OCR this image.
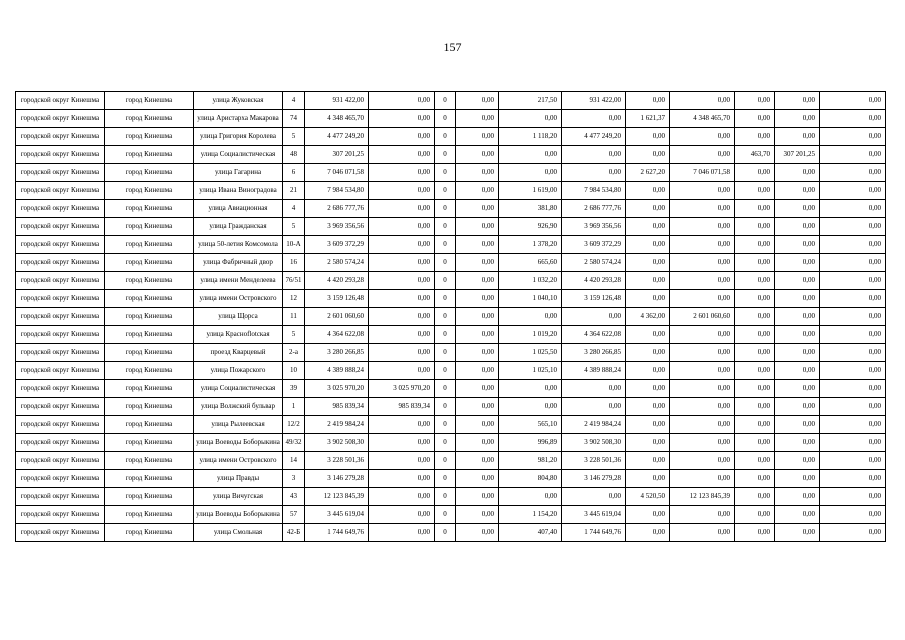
157
городской округ Кинешма	город Кинешма	улица Жуковская	4	931 422,00	0,00	0	0,00	217,50	931 422,00	0,00	0,00	0,00	0,00	0,00
городской округ Кинешма	город Кинешма	улица Аристарха Макарова	74	4 348 465,70	0,00	0	0,00	0,00	0,00	1 621,37	4 348 465,70	0,00	0,00	0,00
городской округ Кинешма	город Кинешма	улица Григория Королева	5	4 477 249,20	0,00	0	0,00	1 118,20	4 477 249,20	0,00	0,00	0,00	0,00	0,00
городской округ Кинешма	город Кинешма	улица Социалистическая	48	307 201,25	0,00	0	0,00	0,00	0,00	0,00	0,00	463,70	307 201,25	0,00
городской округ Кинешма	город Кинешма	улица Гагарина	6	7 046 071,58	0,00	0	0,00	0,00	0,00	2 627,20	7 046 071,58	0,00	0,00	0,00
городской округ Кинешма	город Кинешма	улица Ивана Виноградова	21	7 984 534,80	0,00	0	0,00	1 619,00	7 984 534,80	0,00	0,00	0,00	0,00	0,00
городской округ Кинешма	город Кинешма	улица Авиационная	4	2 686 777,76	0,00	0	0,00	381,80	2 686 777,76	0,00	0,00	0,00	0,00	0,00
городской округ Кинешма	город Кинешма	улица Гражданская	5	3 969 356,56	0,00	0	0,00	926,90	3 969 356,56	0,00	0,00	0,00	0,00	0,00
городской округ Кинешма	город Кинешма	улица 50-летия Комсомола	10-А	3 609 372,29	0,00	0	0,00	1 378,20	3 609 372,29	0,00	0,00	0,00	0,00	0,00
городской округ Кинешма	город Кинешма	улица Фабричный двор	16	2 580 574,24	0,00	0	0,00	665,60	2 580 574,24	0,00	0,00	0,00	0,00	0,00
городской округ Кинешма	город Кинешма	улица имени Менделеева	76/51	4 420 293,28	0,00	0	0,00	1 032,20	4 420 293,28	0,00	0,00	0,00	0,00	0,00
городской округ Кинешма	город Кинешма	улица имени Островского	12	3 159 126,48	0,00	0	0,00	1 040,10	3 159 126,48	0,00	0,00	0,00	0,00	0,00
городской округ Кинешма	город Кинешма	улица Щорса	11	2 601 060,60	0,00	0	0,00	0,00	0,00	4 362,00	2 601 060,60	0,00	0,00	0,00
городской округ Кинешма	город Кинешма	улица Красноflotская	5	4 364 622,08	0,00	0	0,00	1 019,20	4 364 622,08	0,00	0,00	0,00	0,00	0,00
городской округ Кинешма	город Кинешма	проезд Кварцевый	2-а	3 280 266,85	0,00	0	0,00	1 025,50	3 280 266,85	0,00	0,00	0,00	0,00	0,00
городской округ Кинешма	город Кинешма	улица Пожарского	10	4 389 888,24	0,00	0	0,00	1 025,10	4 389 888,24	0,00	0,00	0,00	0,00	0,00
городской округ Кинешма	город Кинешма	улица Социалистическая	39	3 025 970,20	3 025 970,20	0	0,00	0,00	0,00	0,00	0,00	0,00	0,00	0,00
городской округ Кинешма	город Кинешма	улица Волжский бульвар	1	985 839,34	985 839,34	0	0,00	0,00	0,00	0,00	0,00	0,00	0,00	0,00
городской округ Кинешма	город Кинешма	улица Рылеевская	12/2	2 419 984,24	0,00	0	0,00	565,10	2 419 984,24	0,00	0,00	0,00	0,00	0,00
городской округ Кинешма	город Кинешма	улица Воеводы Боборыкина	49/32	3 902 508,30	0,00	0	0,00	996,89	3 902 508,30	0,00	0,00	0,00	0,00	0,00
городской округ Кинешма	город Кинешма	улица имени Островского	14	3 228 501,36	0,00	0	0,00	981,20	3 228 501,36	0,00	0,00	0,00	0,00	0,00
городской округ Кинешма	город Кинешма	улица Правды	3	3 146 279,28	0,00	0	0,00	804,80	3 146 279,28	0,00	0,00	0,00	0,00	0,00
городской округ Кинешма	город Кинешма	улица Вичугская	43	12 123 845,39	0,00	0	0,00	0,00	0,00	4 520,50	12 123 845,39	0,00	0,00	0,00
городской округ Кинешма	город Кинешма	улица Воеводы Боборыкина	57	3 445 619,04	0,00	0	0,00	1 154,20	3 445 619,04	0,00	0,00	0,00	0,00	0,00
городской округ Кинешма	город Кинешма	улица Смольная	42-Б	1 744 649,76	0,00	0	0,00	407,40	1 744 649,76	0,00	0,00	0,00	0,00	0,00
